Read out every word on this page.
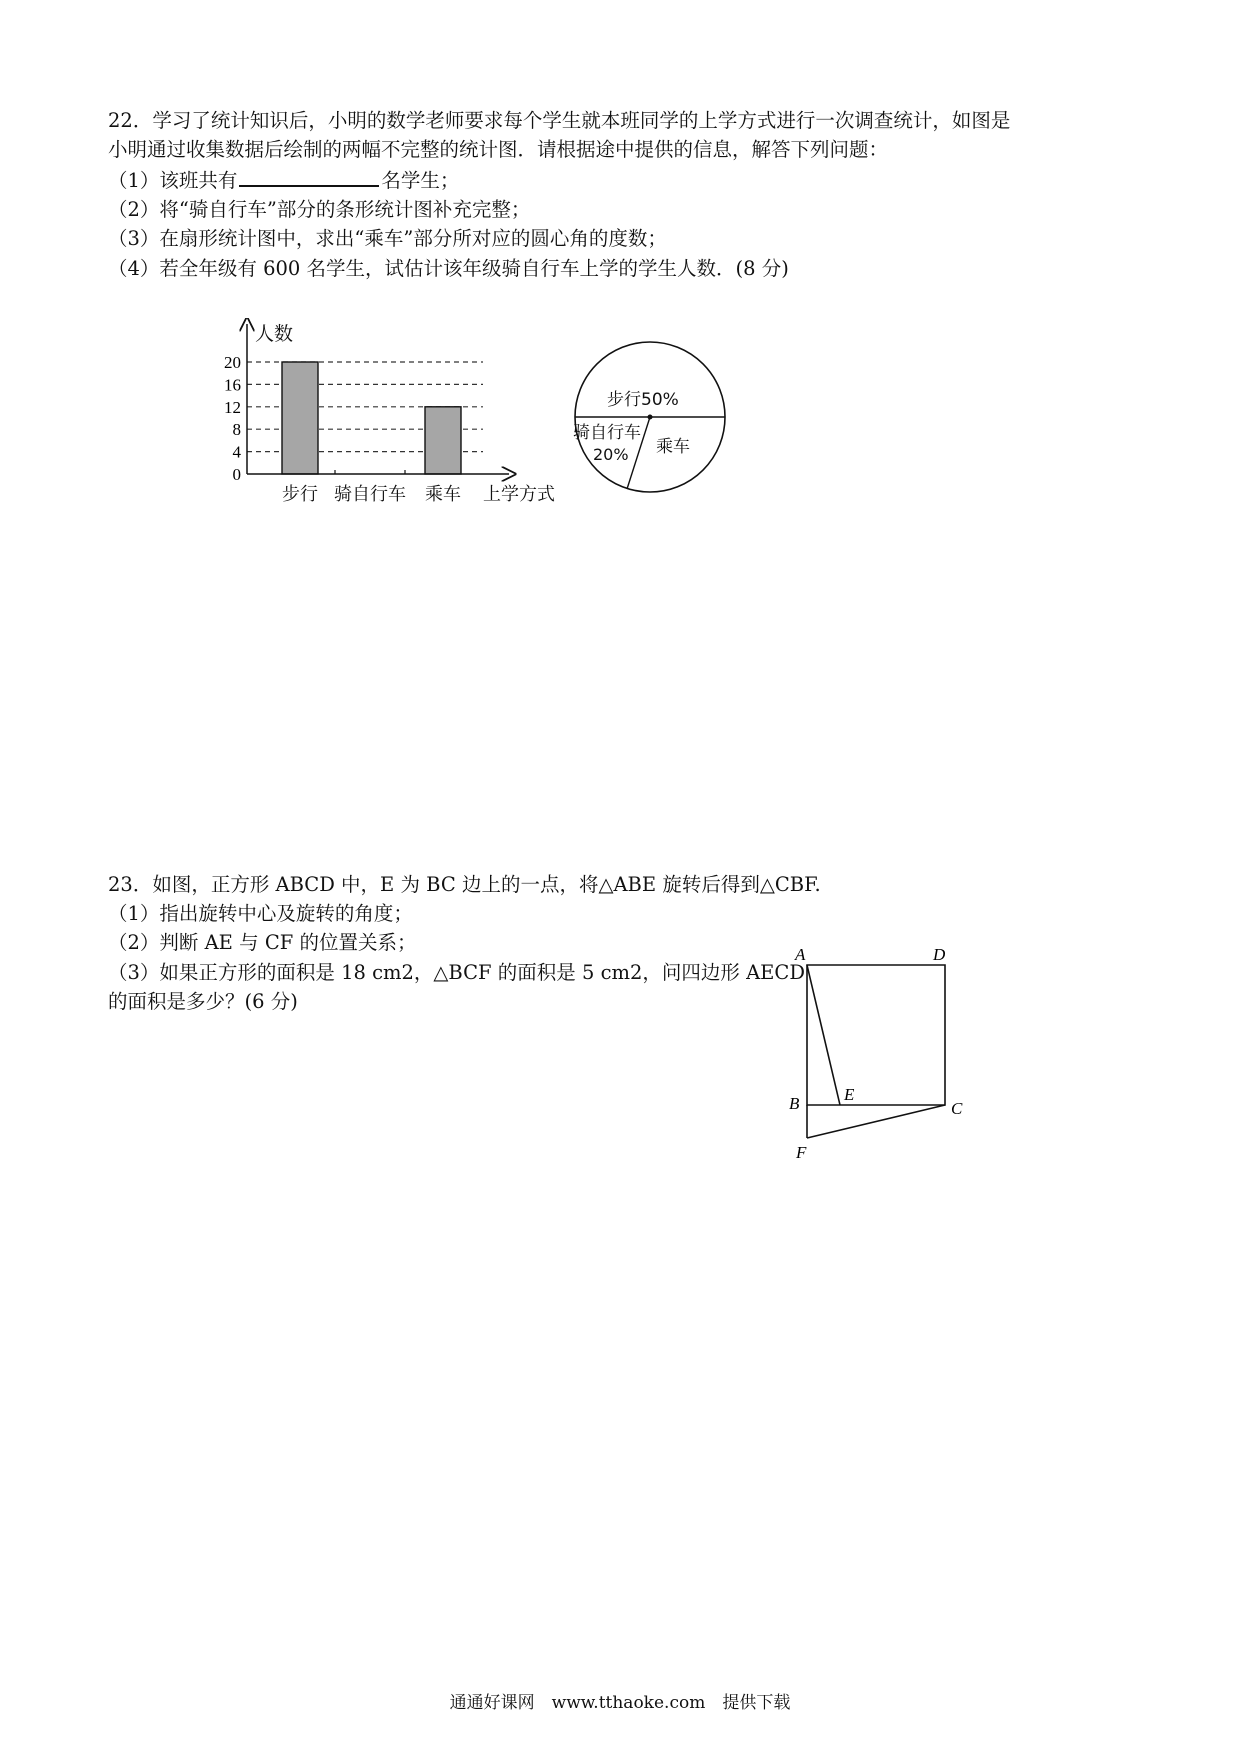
22．学习了统计知识后，小明的数学老师要求每个学生就本班同学的上学方式进行一次调查统计，如图是
小明通过收集数据后绘制的两幅不完整的统计图．请根据途中提供的信息，解答下列问题：
（1）该班共有	名学生；
（2）将“骑自行车”部分的条形统计图补充完整；
（3）在扇形统计图中，求出“乘车”部分所对应的圆心角的度数；
（4）若全年级有 600 名学生，试估计该年级骑自行车上学的学生人数．(8 分)
人数
0
4
8
12
16
20
步行 骑自行车 乘车 上学方式
步行50%
骑自行车
20% 乘车
23．如图，正方形 ABCD 中，E 为 BC 边上的一点，将△ABE 旋转后得到△CBF.
（1）指出旋转中心及旋转的角度；
（2）判断 AE 与 CF 的位置关系；
（3）如果正方形的面积是 18 cm2，△BCF 的面积是 5 cm2，问四边形 AECD
的面积是多少？(6 分)
A	D
B	E
C
F
通通好课网　www.tthaoke.com　提供下载
